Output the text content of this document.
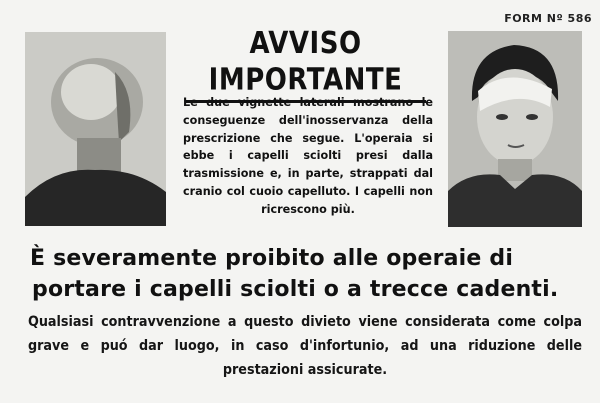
FORM Nº 586
AVVISO IMPORTANTE

Le due vignette laterali mostrano le conseguenze dell'inosservanza della prescrizione che segue. L'operaia si ebbe i capelli sciolti presi dalla trasmissione e, in parte, strappati dal cranio col cuoio capelluto. I capelli non ricrescono più.

È severamente proibito alle operaie di
portare i capelli sciolti o a trecce cadenti.
Qualsiasi contravvenzione a questo divieto viene considerata come colpa grave e puó dar luogo, in caso d'infortunio, ad una riduzione delle prestazioni assicurate.
